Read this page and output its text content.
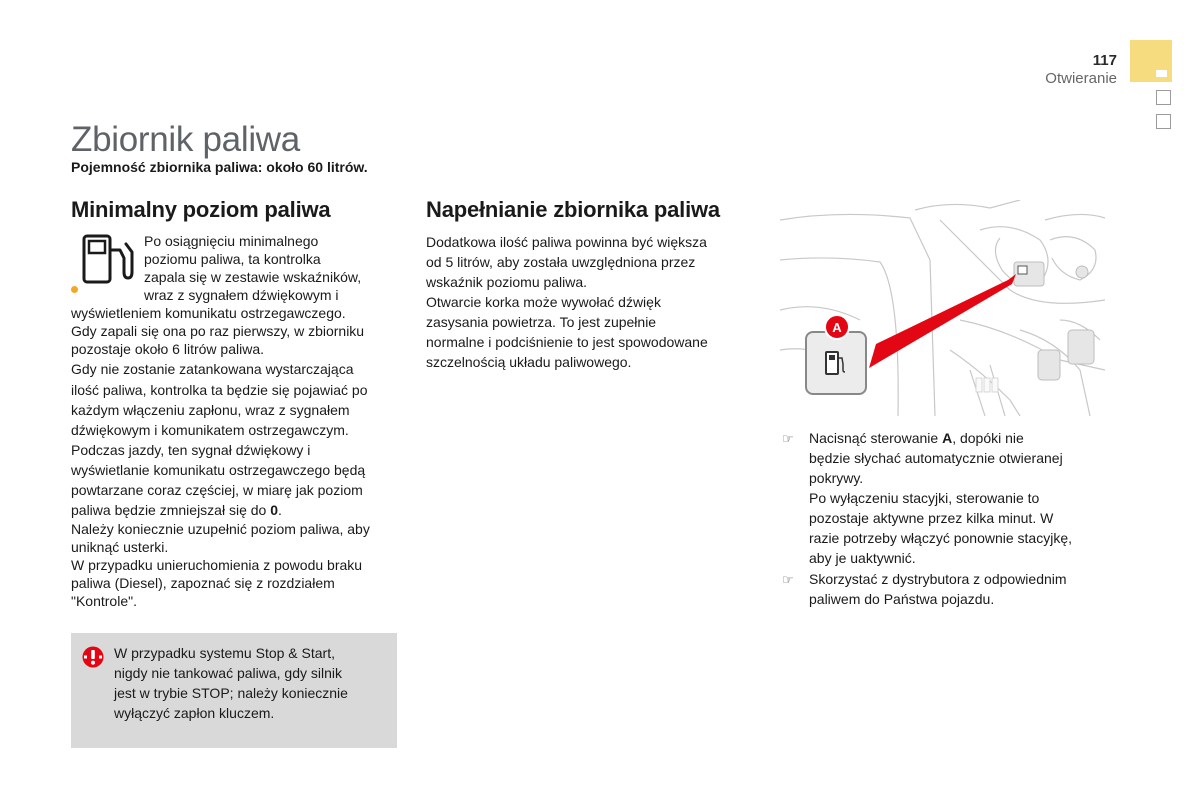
117
Otwieranie
Zbiornik paliwa
Pojemność zbiornika paliwa: około 60 litrów.
Minimalny poziom paliwa
Po osiągnięciu minimalnego
poziomu paliwa, ta kontrolka
zapala się w zestawie wskaźników,
wraz z sygnałem dźwiękowym i
wyświetleniem komunikatu ostrzegawczego.
Gdy zapali się ona po raz pierwszy, w zbiorniku
pozostaje około 6 litrów paliwa.
Gdy nie zostanie zatankowana wystarczająca
ilość paliwa, kontrolka ta będzie się pojawiać po
każdym włączeniu zapłonu, wraz z sygnałem
dźwiękowym i komunikatem ostrzegawczym.
Podczas jazdy, ten sygnał dźwiękowy i
wyświetlanie komunikatu ostrzegawczego będą
powtarzane coraz częściej, w miarę jak poziom
paliwa będzie zmniejszał się do 0.
Należy koniecznie uzupełnić poziom paliwa, aby
uniknąć usterki.
W przypadku unieruchomienia z powodu braku
paliwa (Diesel), zapoznać się z rozdziałem
"Kontrole".
W przypadku systemu Stop & Start,
nigdy nie tankować paliwa, gdy silnik
jest w trybie STOP; należy koniecznie
wyłączyć zapłon kluczem.
Napełnianie zbiornika paliwa
Dodatkowa ilość paliwa powinna być większa
od 5 litrów, aby została uwzględniona przez
wskaźnik poziomu paliwa.
Otwarcie korka może wywołać dźwięk
zasysania powietrza. To jest zupełnie
normalne i podciśnienie to jest spowodowane
szczelnością układu paliwowego.
A
☞ Nacisnąć sterowanie A, dopóki nie
będzie słychać automatycznie otwieranej
pokrywy.
Po wyłączeniu stacyjki, sterowanie to
pozostaje aktywne przez kilka minut. W
razie potrzeby włączyć ponownie stacyjkę,
aby je uaktywnić.
☞ Skorzystać z dystrybutora z odpowiednim
paliwem do Państwa pojazdu.
